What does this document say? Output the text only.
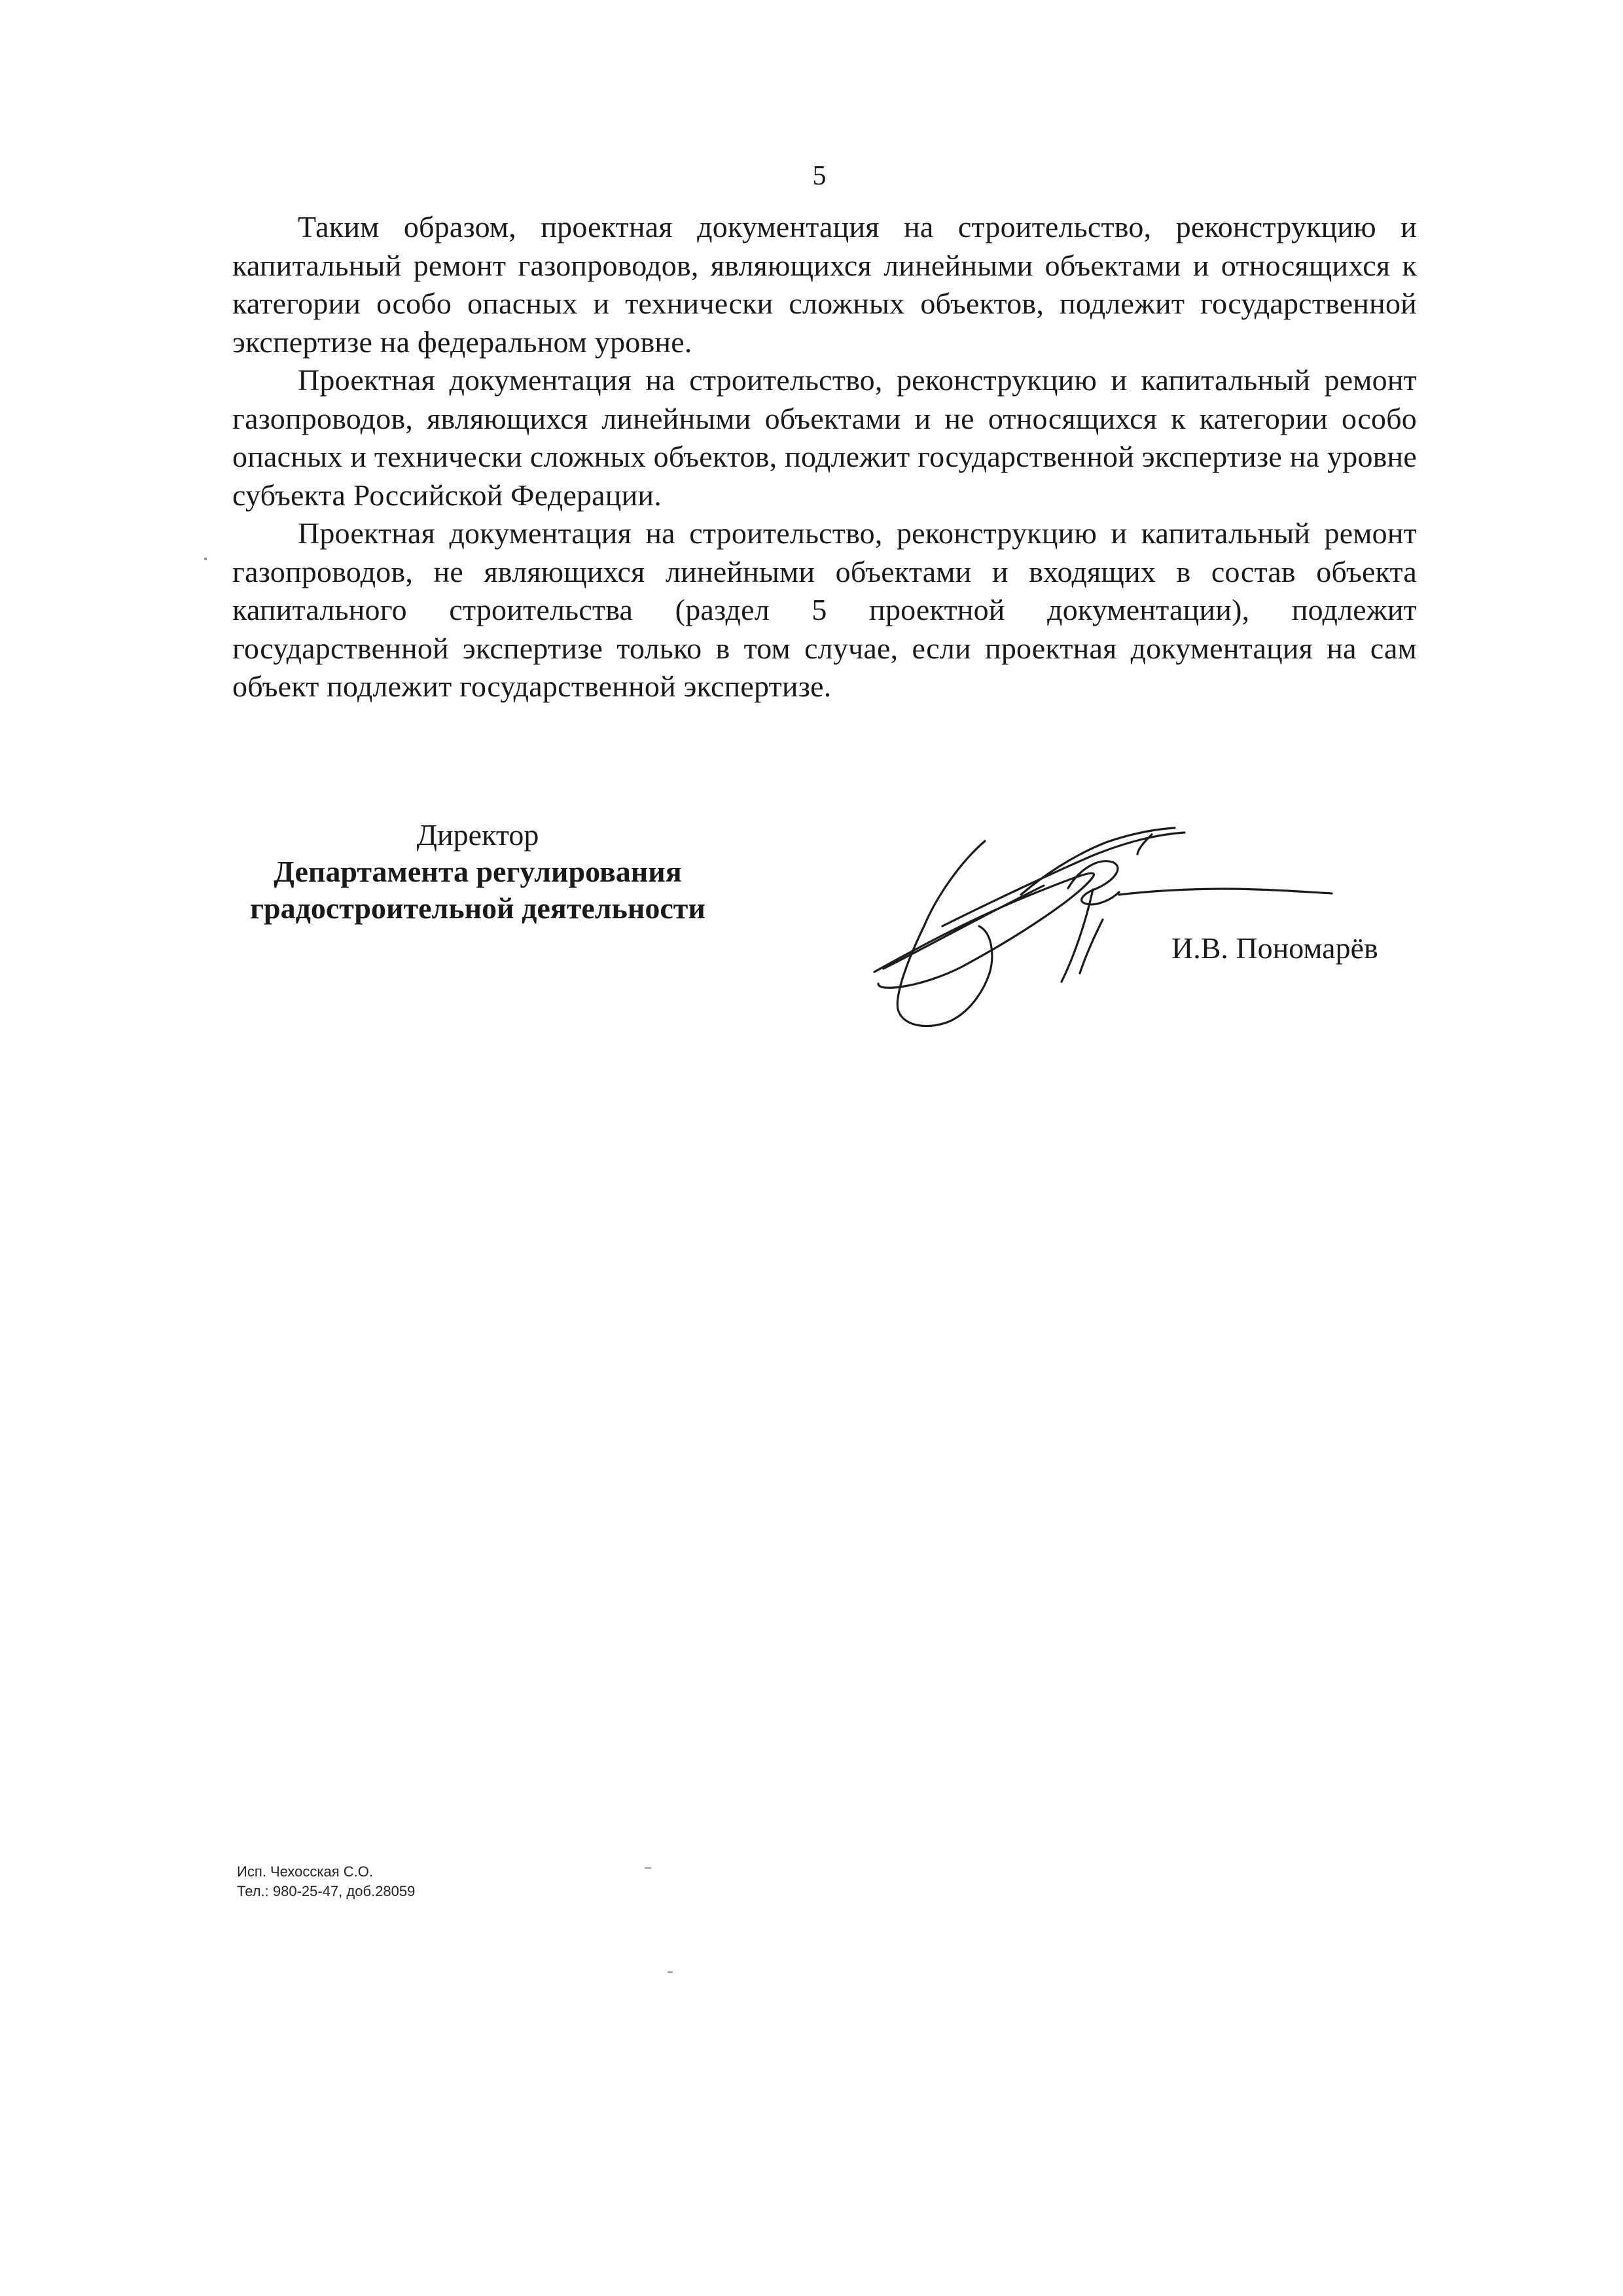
5

Таким образом, проектная документация на строительство, реконструкцию и капитальный ремонт газопроводов, являющихся линейными объектами и относящихся к категории особо опасных и технически сложных объектов, подлежит государственной экспертизе на федеральном уровне.

Проектная документация на строительство, реконструкцию и капитальный ремонт газопроводов, являющихся линейными объектами и не относящихся к категории особо опасных и технически сложных объектов, подлежит государственной экспертизе на уровне субъекта Российской Федерации.

Проектная документация на строительство, реконструкцию и капитальный ремонт газопроводов, не являющихся линейными объектами и входящих в состав объекта капитального строительства (раздел 5 проектной документации), подлежит государственной экспертизе только в том случае, если проектная документация на сам объект подлежит государственной экспертизе.

Директор
Департамента регулирования
градостроительной деятельности
И.В. Пономарёв
Исп. Чехосская С.О.
Тел.: 980-25-47, доб.28059
